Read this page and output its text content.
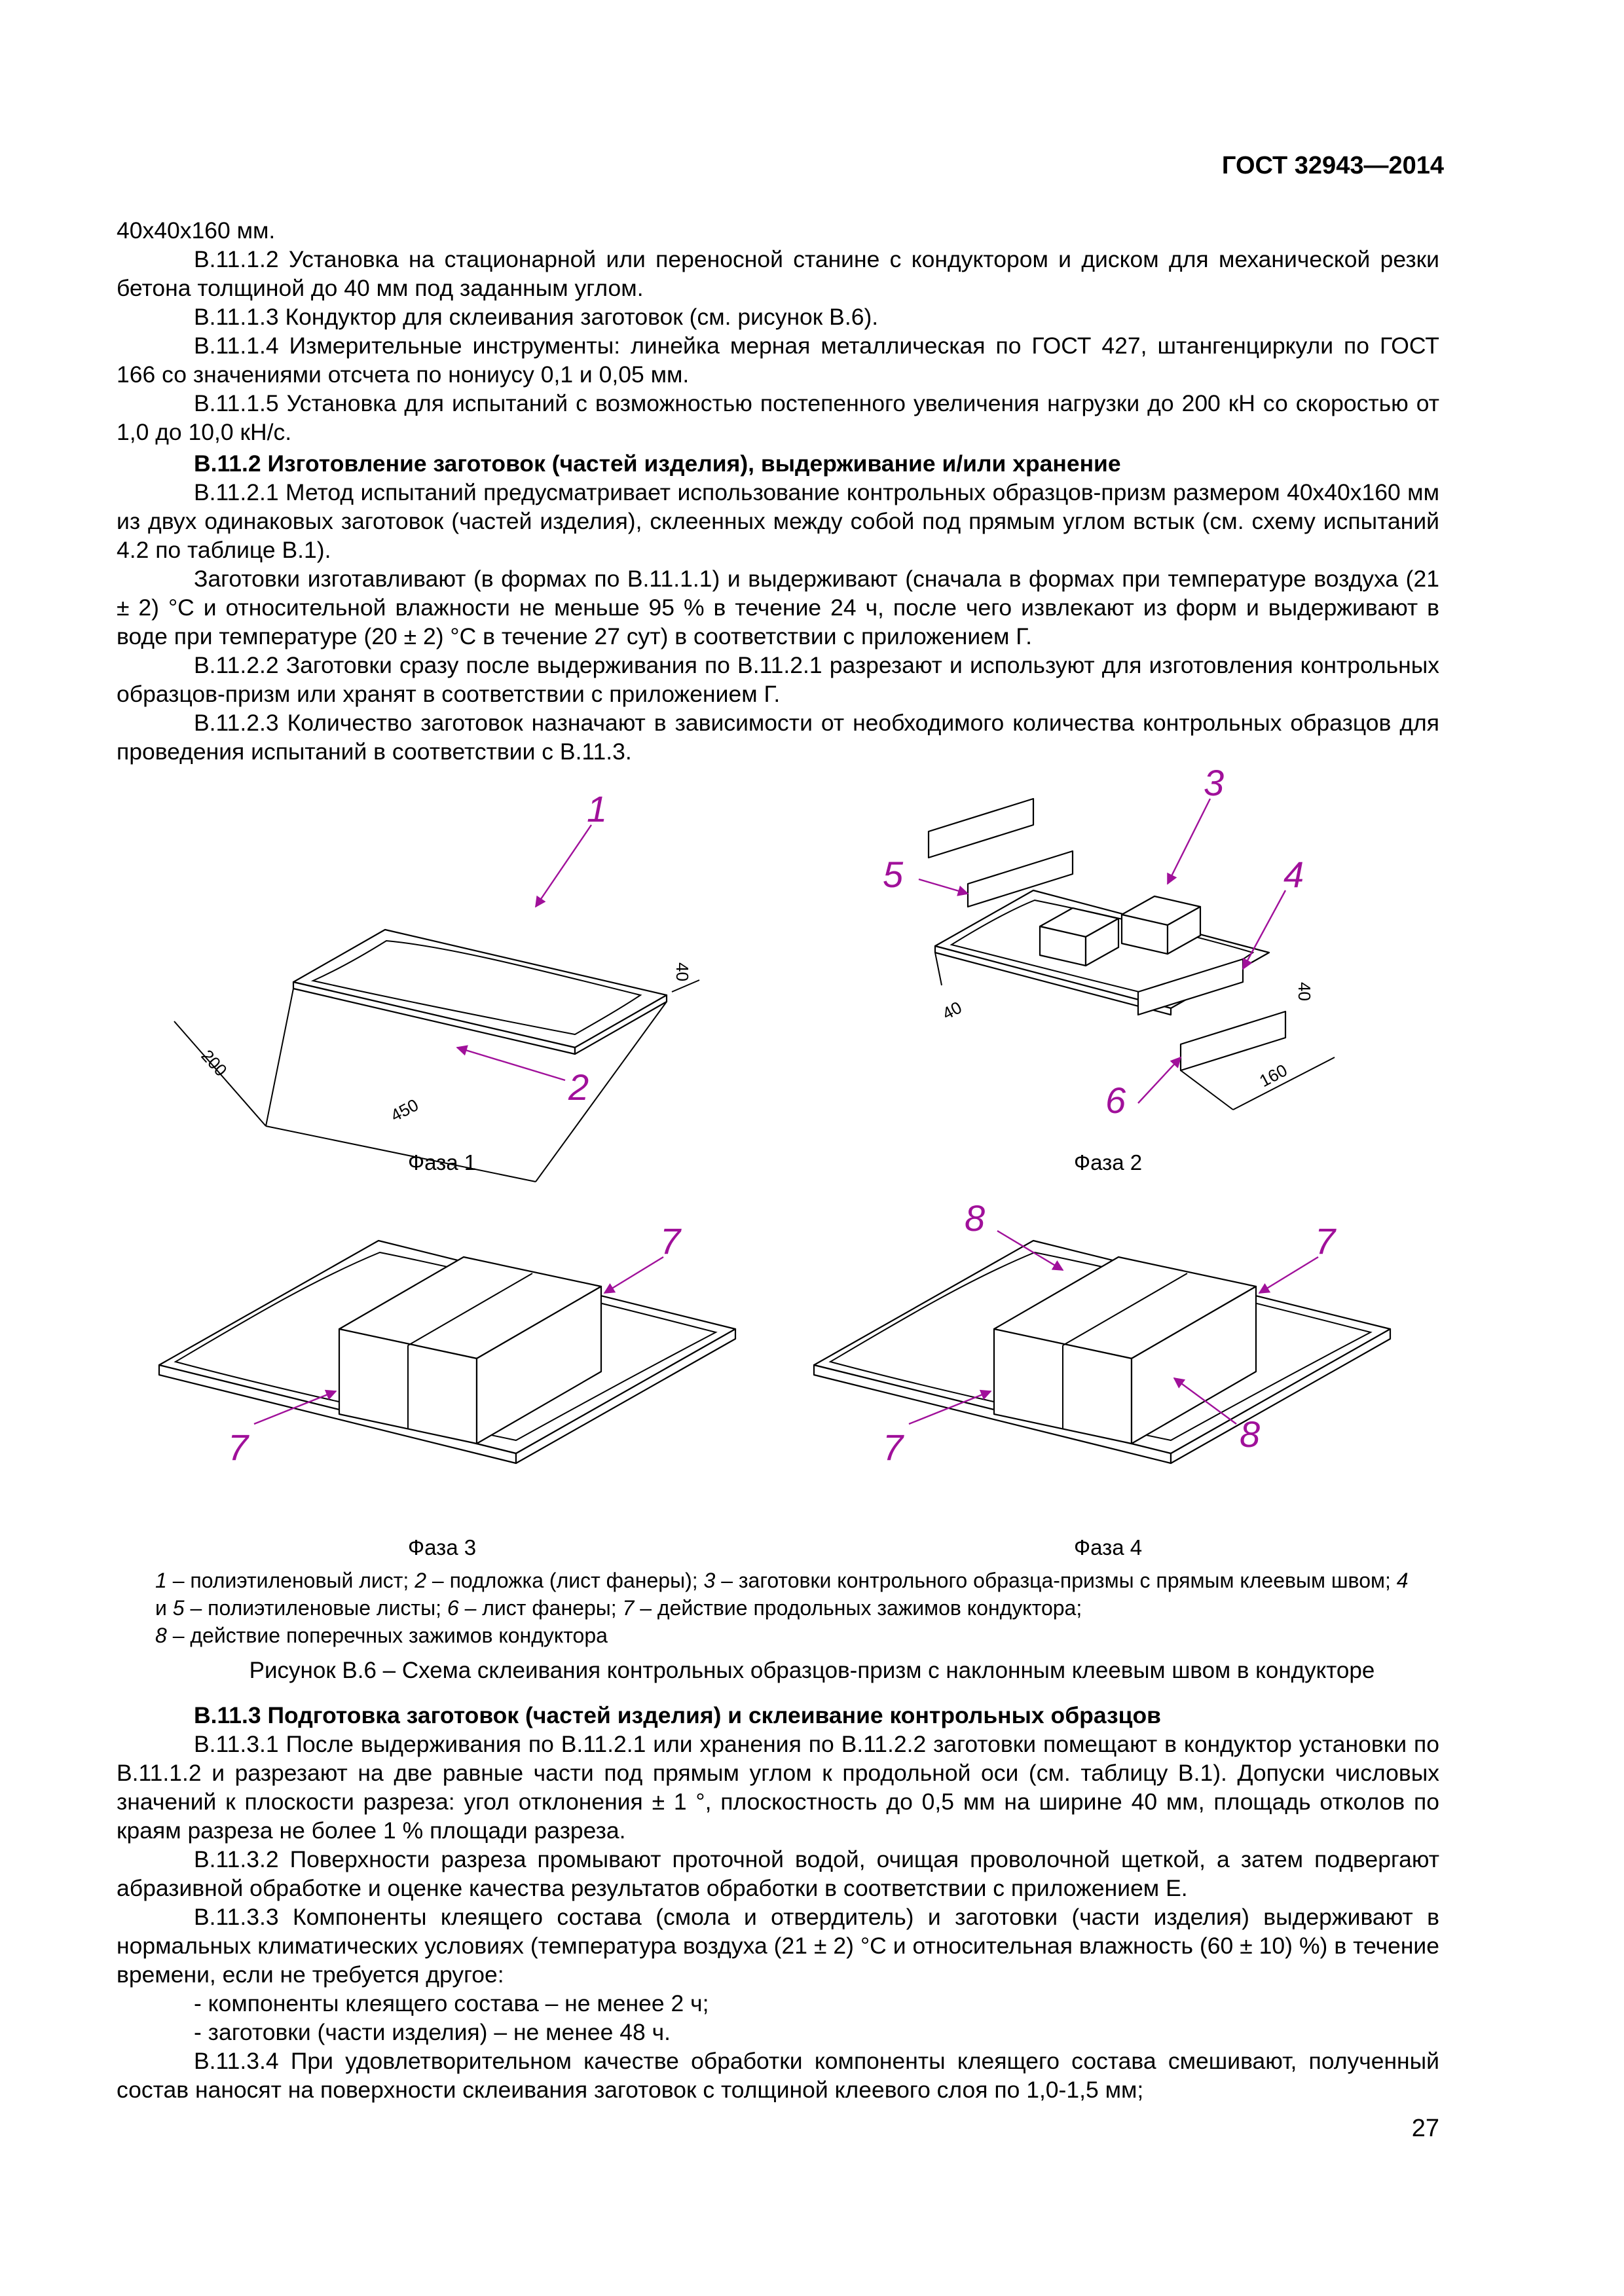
ГОСТ 32943—2014

40х40х160 мм.

В.11.1.2 Установка на стационарной или переносной станине с кондуктором и диском для механической резки бетона толщиной до 40 мм под заданным углом.

В.11.1.3 Кондуктор для склеивания заготовок (см. рисунок В.6).

В.11.1.4 Измерительные инструменты: линейка мерная металлическая по ГОСТ 427, штангенциркули по ГОСТ 166 со значениями отсчета по нониусу 0,1 и 0,05 мм.

В.11.1.5 Установка для испытаний с возможностью постепенного увеличения нагрузки до 200 кН со скоростью от 1,0 до 10,0 кН/с.

В.11.2 Изготовление заготовок (частей изделия), выдерживание и/или хранение

В.11.2.1 Метод испытаний предусматривает использование контрольных образцов-призм размером 40х40х160 мм из двух одинаковых заготовок (частей изделия), склеенных между собой под прямым углом встык (см. схему испытаний 4.2 по таблице В.1).

Заготовки изготавливают (в формах по В.11.1.1) и выдерживают (сначала в формах при температуре воздуха (21 ± 2) °С и относительной влажности не меньше 95 % в течение 24 ч, после чего извлекают из форм и выдерживают в воде при температуре (20 ± 2) °С в течение 27 сут) в соответствии с приложением Г.

В.11.2.2 Заготовки сразу после выдерживания по В.11.2.1 разрезают и используют для изготовления контрольных образцов-призм или хранят в соответствии с приложением Г.

В.11.2.3 Количество заготовок назначают в зависимости от необходимого количества контрольных образцов для проведения испытаний в соответствии с В.11.3.

200
450
40
1
2
40
40
160
3
4
5
6
Фаза 1	Фаза 2
7
7
7
7
8
8
Фаза 3	Фаза 4
1 – полиэтиленовый лист; 2 – подложка (лист фанеры); 3 – заготовки контрольного образца-призмы с прямым клеевым швом; 4 и 5 – полиэтиленовые листы; 6 – лист фанеры; 7 – действие продольных зажимов кондуктора;
8 – действие поперечных зажимов кондуктора
Рисунок В.6 – Схема склеивания контрольных образцов-призм с наклонным клеевым швом в кондукторе

В.11.3 Подготовка заготовок (частей изделия) и склеивание контрольных образцов

В.11.3.1 После выдерживания по В.11.2.1 или хранения по В.11.2.2 заготовки помещают в кондуктор установки по В.11.1.2 и разрезают на две равные части под прямым углом к продольной оси (см. таблицу В.1). Допуски числовых значений к плоскости разреза: угол отклонения ± 1 °, плоскостность до 0,5 мм на ширине 40 мм, площадь отколов по краям разреза не более 1 % площади разреза.

В.11.3.2 Поверхности разреза промывают проточной водой, очищая проволочной щеткой, а затем подвергают абразивной обработке и оценке качества результатов обработки в соответствии с приложением Е.

В.11.3.3 Компоненты клеящего состава (смола и отвердитель) и заготовки (части изделия) выдерживают в нормальных климатических условиях (температура воздуха (21 ± 2) °С и относительная влажность (60 ± 10) %) в течение времени, если не требуется другое:

- компоненты клеящего состава – не менее 2 ч;

- заготовки (части изделия) – не менее 48 ч.

В.11.3.4 При удовлетворительном качестве обработки компоненты клеящего состава смешивают, полученный состав наносят на поверхности склеивания заготовок с толщиной клеевого слоя по 1,0-1,5 мм;

27
